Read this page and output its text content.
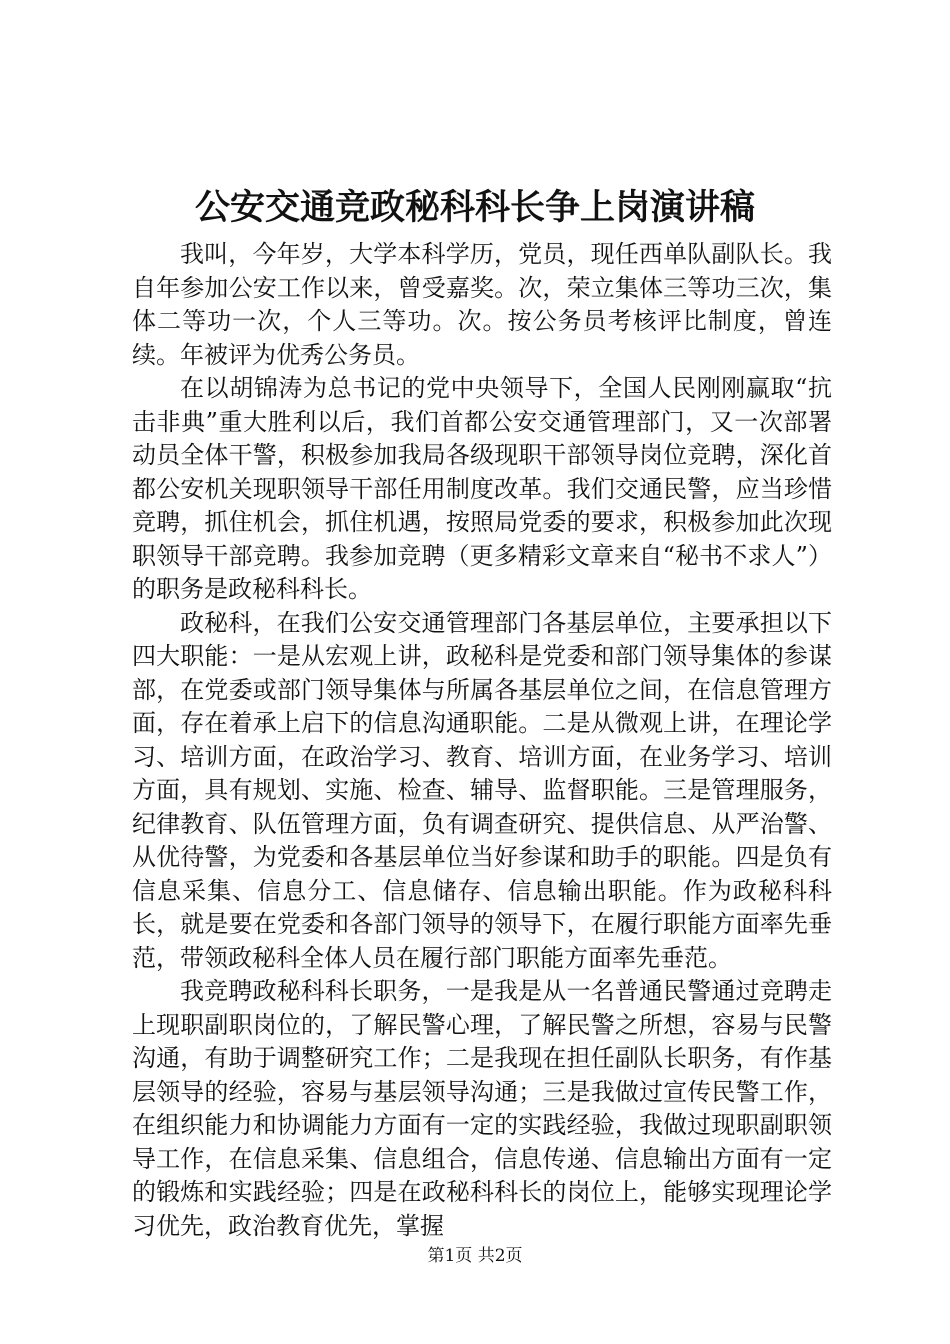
公安交通竞政秘科科长争上岗演讲稿

我叫，今年岁，大学本科学历，党员，现任西单队副队长。我自年参加公安工作以来，曾受嘉奖。次，荣立集体三等功三次，集体二等功一次，个人三等功。次。按公务员考核评比制度，曾连续。年被评为优秀公务员。

在以胡锦涛为总书记的党中央领导下，全国人民刚刚赢取“抗击非典”重大胜利以后，我们首都公安交通管理部门，又一次部署动员全体干警，积极参加我局各级现职干部领导岗位竞聘，深化首都公安机关现职领导干部任用制度改革。我们交通民警，应当珍惜竞聘，抓住机会，抓住机遇，按照局党委的要求，积极参加此次现职领导干部竞聘。我参加竞聘（更多精彩文章来自“秘书不求人”）的职务是政秘科科长。

政秘科，在我们公安交通管理部门各基层单位，主要承担以下四大职能：一是从宏观上讲，政秘科是党委和部门领导集体的参谋部，在党委或部门领导集体与所属各基层单位之间，在信息管理方面，存在着承上启下的信息沟通职能。二是从微观上讲，在理论学习、培训方面，在政治学习、教育、培训方面，在业务学习、培训方面，具有规划、实施、检查、辅导、监督职能。三是管理服务，纪律教育、队伍管理方面，负有调查研究、提供信息、从严治警、从优待警，为党委和各基层单位当好参谋和助手的职能。四是负有信息采集、信息分工、信息储存、信息输出职能。作为政秘科科长，就是要在党委和各部门领导的领导下，在履行职能方面率先垂范，带领政秘科全体人员在履行部门职能方面率先垂范。

我竞聘政秘科科长职务，一是我是从一名普通民警通过竞聘走上现职副职岗位的，了解民警心理，了解民警之所想，容易与民警沟通，有助于调整研究工作；二是我现在担任副队长职务，有作基层领导的经验，容易与基层领导沟通；三是我做过宣传民警工作，在组织能力和协调能力方面有一定的实践经验，我做过现职副职领导工作，在信息采集、信息组合，信息传递、信息输出方面有一定的锻炼和实践经验；四是在政秘科科长的岗位上，能够实现理论学习优先，政治教育优先，掌握

第1页 共2页
